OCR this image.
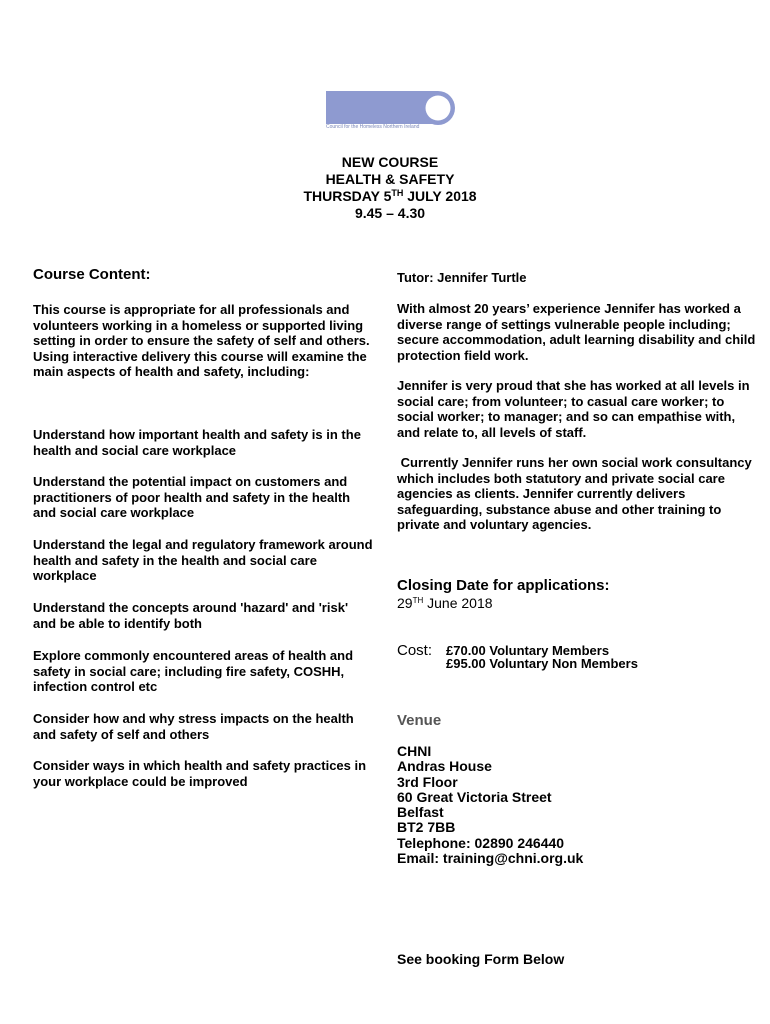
Council for the Homeless Northern Ireland
NEW COURSE
HEALTH & SAFETY
THURSDAY 5TH JULY 2018
9.45 – 4.30
Course Content:
This course is appropriate for all professionals and volunteers working in a homeless or supported living setting in order to ensure the safety of self and others. Using interactive delivery this course will examine the main aspects of health and safety, including:
Understand how important health and safety is in the health and social care workplace
Understand the potential impact on customers and practitioners of poor health and safety in the health and social care workplace
Understand the legal and regulatory framework around health and safety in the health and social care workplace
Understand the concepts around 'hazard' and 'risk' and be able to identify both
Explore commonly encountered areas of health and safety in social care; including fire safety, COSHH, infection control etc
Consider how and why stress impacts on the health and safety of self and others
Consider ways in which health and safety practices in your workplace could be improved
Tutor: Jennifer Turtle
With almost 20 years’ experience Jennifer has worked a diverse range of settings vulnerable people including; secure accommodation, adult learning disability and child protection field work.
Jennifer is very proud that she has worked at all levels in social care; from volunteer; to casual care worker; to social worker; to manager; and so can empathise with, and relate to, all levels of staff.
Currently Jennifer runs her own social work consultancy which includes both statutory and private social care agencies as clients. Jennifer currently delivers safeguarding, substance abuse and other training to private and voluntary agencies.
Closing Date for applications:
29TH June 2018
Cost: £70.00 Voluntary Members
£95.00 Voluntary Non Members
Venue
CHNI
Andras House
3rd Floor
60 Great Victoria Street
Belfast
BT2 7BB
Telephone: 02890 246440
Email: training@chni.org.uk
See booking Form Below
